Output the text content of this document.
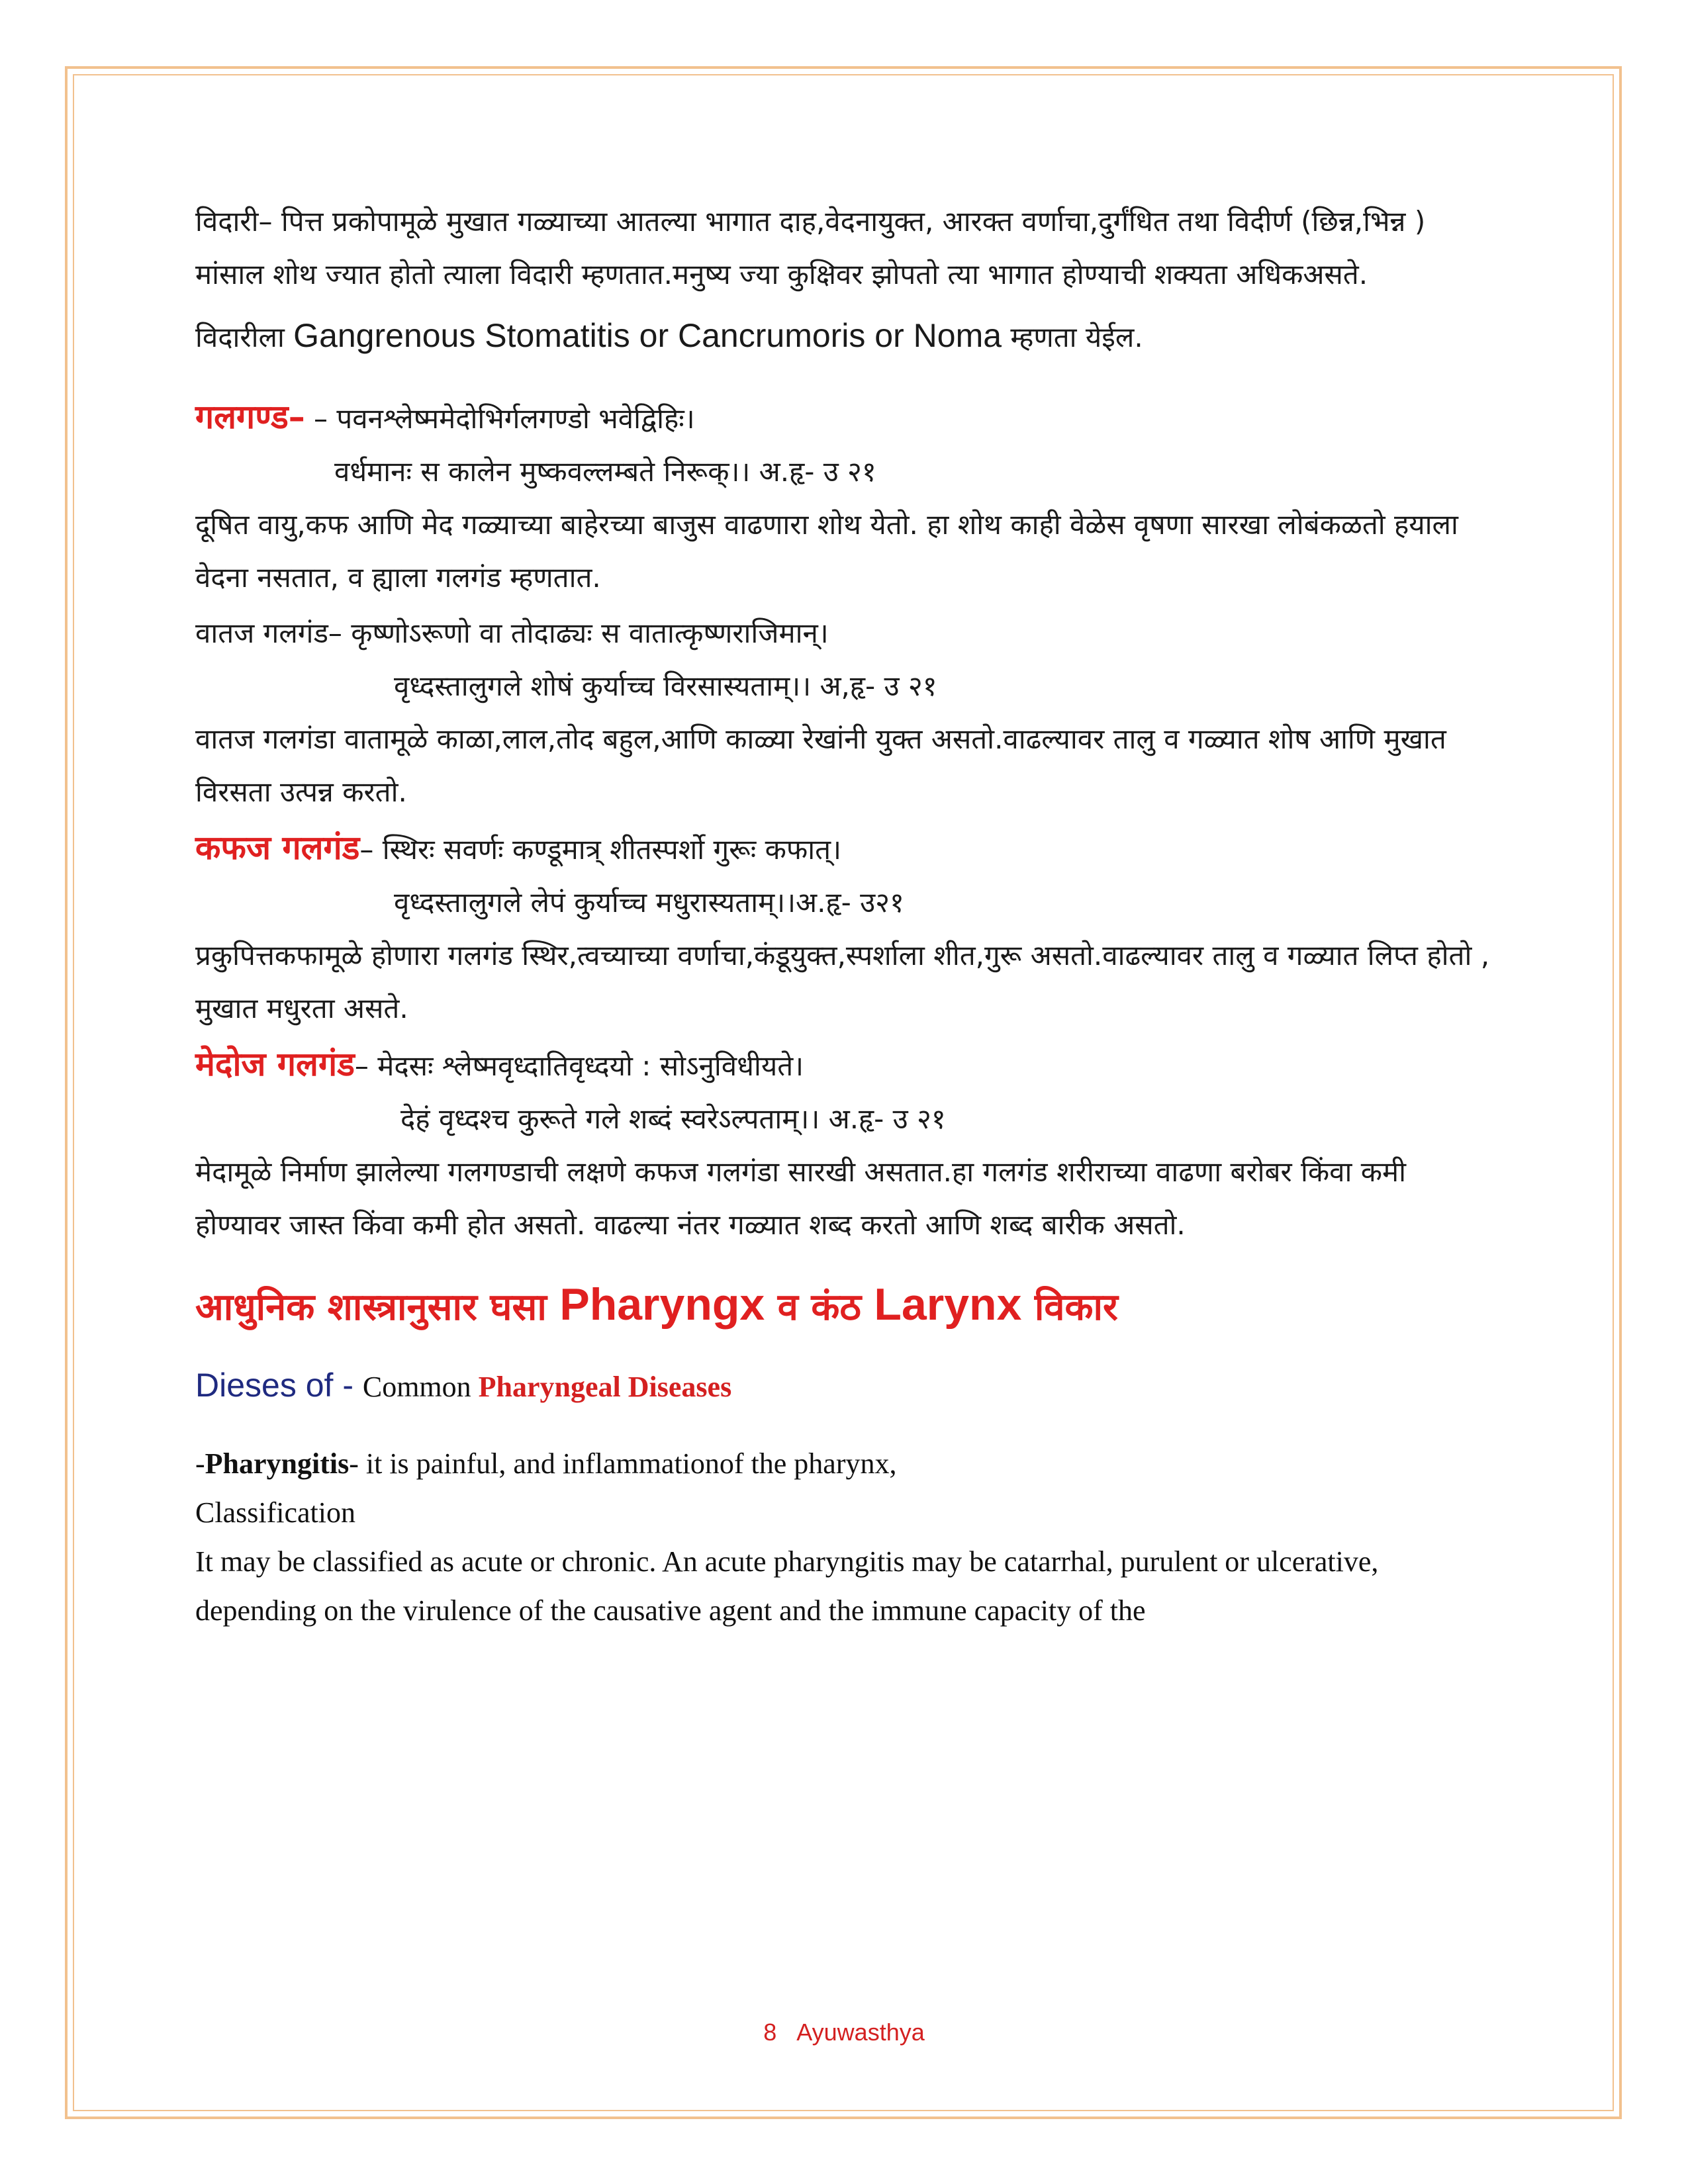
विदारी– पित्त प्रकोपामूळे मुखात गळ्याच्या आतल्या भागात दाह,वेदनायुक्त, आरक्त वर्णाचा,दुर्गंधित तथा विदीर्ण (छिन्न,भिन्न ) मांसाल शोथ ज्यात होतो त्याला विदारी म्हणतात.मनुष्य ज्या कुक्षिवर झोपतो त्या भागात होण्याची शक्यता अधिकअसते.

विदारीला Gangrenous Stomatitis or Cancrumoris or Noma म्हणता येईल.

गलगण्ड– – पवनश्लेष्ममेदोभिर्गलगण्डो भवेद्विहिः।

वर्धमानः स कालेन मुष्कवल्लम्बते निरूक्।। अ.हृ- उ २१

दूषित वायु,कफ आणि मेद गळ्याच्या बाहेरच्या बाजुस वाढणारा शोथ येतो. हा शोथ काही वेळेस वृषणा सारखा लोबंकळतो हयाला वेदना नसतात, व ह्याला गलगंड म्हणतात.

वातज गलगंड– कृष्णोऽरूणो वा तोदाढ्यः स वातात्कृष्णराजिमान्।

वृध्दस्तालुगले शोषं कुर्याच्च विरसास्यताम्।। अ,हृ- उ २१

वातज गलगंडा वातामूळे काळा,लाल,तोद बहुल,आणि काळ्या रेखांनी युक्त असतो.वाढल्यावर तालु व गळ्यात शोष आणि मुखात विरसता उत्पन्न करतो.

कफज गलगंड– स्थिरः सवर्णः कण्डूमात्र् शीतस्पर्शो गुरूः कफात्।

वृध्दस्तालुगले लेपं कुर्याच्च मधुरास्यताम्।।अ.हृ- उ२१

प्रकुपित्तकफामूळे होणारा गलगंड स्थिर,त्वच्याच्या वर्णाचा,कंडूयुक्त,स्पर्शाला शीत,गुरू असतो.वाढल्यावर तालु व गळ्यात लिप्त होतो , मुखात मधुरता असते.

मेदोज गलगंड– मेदसः श्लेष्मवृध्दातिवृध्दयो : सोऽनुविधीयते।

देहं वृध्दश्च कुरूते गले शब्दं स्वरेऽल्पताम्।। अ.हृ- उ २१

मेदामूळे निर्माण झालेल्या गलगण्डाची लक्षणे कफज गलगंडा सारखी असतात.हा गलगंड शरीराच्या वाढणा बरोबर किंवा कमी होण्यावर जास्त किंवा कमी होत असतो. वाढल्या नंतर गळ्यात शब्द करतो आणि शब्द बारीक असतो.

आधुनिक शास्त्रानुसार घसा Pharyngx व कंठ Larynx विकार

Dieses of - Common Pharyngeal Diseases

-Pharyngitis- it is painful, and inflammationof the pharynx,

Classification

It may be classified as acute or chronic. An acute pharyngitis may be catarrhal, purulent or ulcerative, depending on the virulence of the causative agent and the immune capacity of the

8 Ayuwasthya
